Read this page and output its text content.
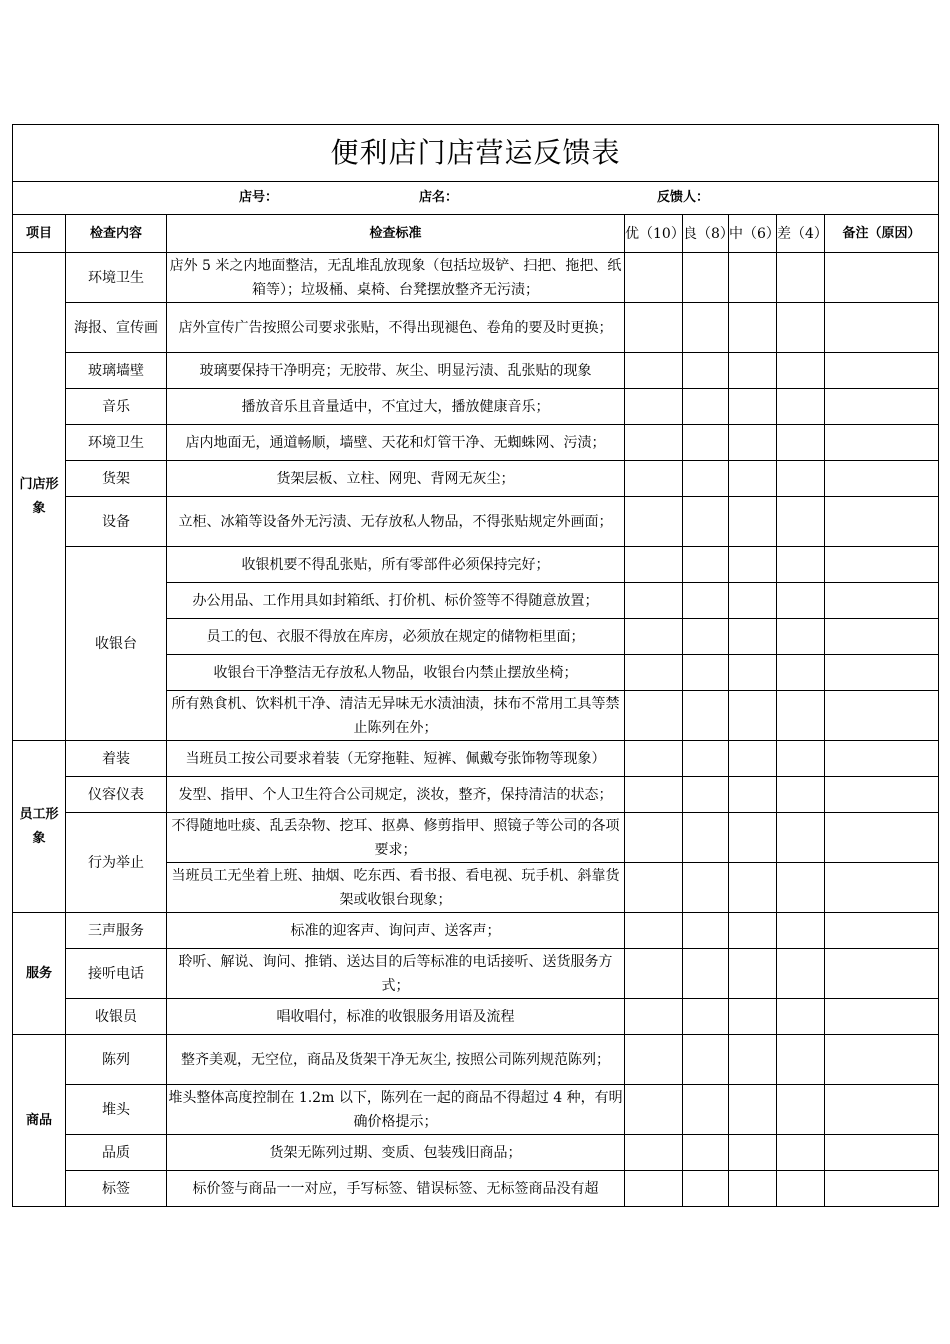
便利店门店营运反馈表							

店号： 店名： 反馈人：							

项目	检查内容	检查标准	优（10）	良（8）	中（6）	差（4）	备注（原因）
门店形象	环境卫生	店外 5 米之内地面整洁，无乱堆乱放现象（包括垃圾铲、扫把、拖把、纸箱等）；垃圾桶、桌椅、台凳摆放整齐无污渍；					
	海报、宣传画	店外宣传广告按照公司要求张贴，不得出现褪色、卷角的要及时更换；					
	玻璃墙壁	玻璃要保持干净明亮；无胶带、灰尘、明显污渍、乱张贴的现象					
	音乐	播放音乐且音量适中，不宜过大，播放健康音乐；					
	环境卫生	店内地面无，通道畅顺，墙壁、天花和灯管干净、无蜘蛛网、污渍；					
	货架	货架层板、立柱、网兜、背网无灰尘；					
	设备	立柜、冰箱等设备外无污渍、无存放私人物品，不得张贴规定外画面；					
	收银台	收银机要不得乱张贴，所有零部件必须保持完好；					
		办公用品、工作用具如封箱纸、打价机、标价签等不得随意放置；					
		员工的包、衣服不得放在库房，必须放在规定的储物柜里面；					
		收银台干净整洁无存放私人物品，收银台内禁止摆放坐椅；					
		所有熟食机、饮料机干净、清洁无异味无水渍油渍，抹布不常用工具等禁止陈列在外；					
员工形象	着装	当班员工按公司要求着装（无穿拖鞋、短裤、佩戴夸张饰物等现象）					
	仪容仪表	发型、指甲、个人卫生符合公司规定，淡妆，整齐，保持清洁的状态；					
	行为举止	不得随地吐痰、乱丢杂物、挖耳、抠鼻、修剪指甲、照镜子等公司的各项要求；					
		当班员工无坐着上班、抽烟、吃东西、看书报、看电视、玩手机、斜靠货架或收银台现象；					
服务	三声服务	标准的迎客声、询问声、送客声；					
	接听电话	聆听、解说、询问、推销、送达目的后等标准的电话接听、送货服务方式；					
	收银员	唱收唱付，标准的收银服务用语及流程					
商品	陈列	整齐美观，无空位，商品及货架干净无灰尘, 按照公司陈列规范陈列；					
	堆头	堆头整体高度控制在 1.2m 以下，陈列在一起的商品不得超过 4 种，有明确价格提示；					
	品质	货架无陈列过期、变质、包装残旧商品；					
	标签	标价签与商品一一对应，手写标签、错误标签、无标签商品没有超					
